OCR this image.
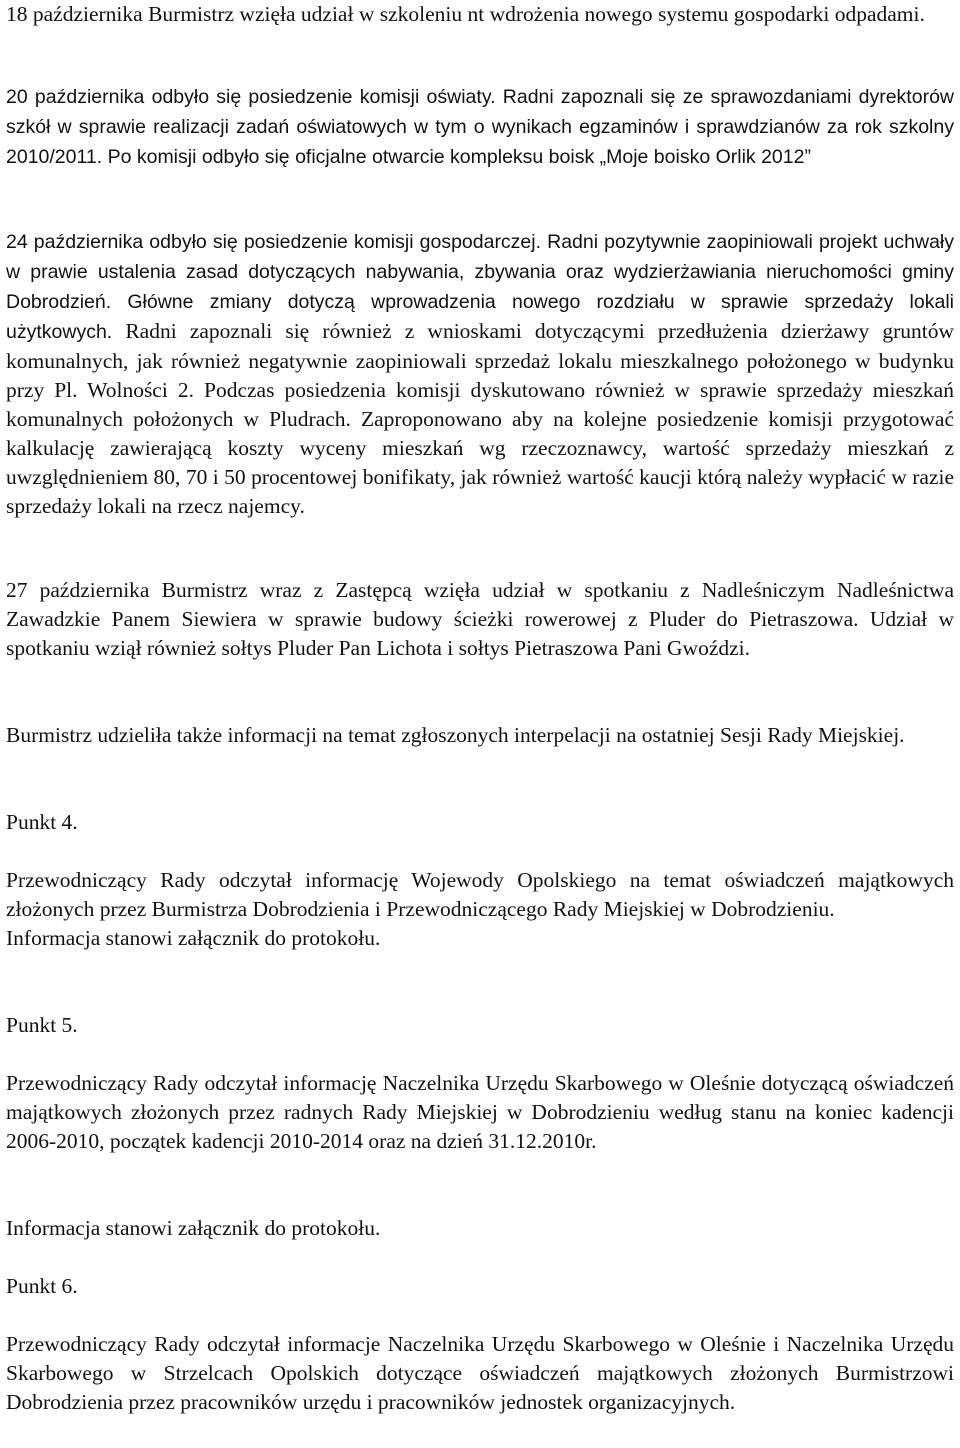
18 października Burmistrz wzięła udział w szkoleniu nt wdrożenia nowego systemu gospodarki odpadami.

20 października odbyło się posiedzenie komisji oświaty. Radni zapoznali się ze sprawozdaniami dyrektorów szkół w sprawie realizacji zadań oświatowych w tym o wynikach egzaminów i sprawdzianów za rok szkolny 2010/2011. Po komisji odbyło się oficjalne otwarcie kompleksu boisk „Moje boisko Orlik 2012”

24 października odbyło się posiedzenie komisji gospodarczej. Radni pozytywnie zaopiniowali projekt uchwały w prawie ustalenia zasad dotyczących nabywania, zbywania oraz wydzierżawiania nieruchomości gminy Dobrodzień. Główne zmiany dotyczą wprowadzenia nowego rozdziału w sprawie sprzedaży lokali użytkowych. Radni zapoznali się również z wnioskami dotyczącymi przedłużenia dzierżawy gruntów komunalnych, jak również negatywnie zaopiniowali sprzedaż lokalu mieszkalnego położonego w budynku przy Pl. Wolności 2. Podczas posiedzenia komisji dyskutowano również w sprawie sprzedaży mieszkań komunalnych położonych w Pludrach. Zaproponowano aby na kolejne posiedzenie komisji przygotować kalkulację zawierającą koszty wyceny mieszkań wg rzeczoznawcy, wartość sprzedaży mieszkań z uwzględnieniem 80, 70 i 50 procentowej bonifikaty, jak również wartość kaucji którą należy wypłacić w razie sprzedaży lokali na rzecz najemcy.

27 października Burmistrz wraz z Zastępcą wzięła udział w spotkaniu z Nadleśniczym Nadleśnictwa Zawadzkie Panem Siewiera w sprawie budowy ścieżki rowerowej z Pluder do Pietraszowa. Udział w spotkaniu wziął również sołtys Pluder Pan Lichota i sołtys Pietraszowa Pani Gwoździ.

Burmistrz udzieliła także informacji na temat zgłoszonych interpelacji na ostatniej Sesji Rady Miejskiej.

Punkt 4.

Przewodniczący Rady odczytał informację Wojewody Opolskiego na temat oświadczeń majątkowych złożonych przez Burmistrza Dobrodzienia i Przewodniczącego Rady Miejskiej w Dobrodzieniu.
Informacja stanowi załącznik do protokołu.

Punkt 5.

Przewodniczący Rady odczytał informację Naczelnika Urzędu Skarbowego w Oleśnie dotyczącą oświadczeń majątkowych złożonych przez radnych Rady Miejskiej w Dobrodzieniu według stanu na koniec kadencji 2006-2010, początek kadencji 2010-2014 oraz na dzień 31.12.2010r.

Informacja stanowi załącznik do protokołu.

Punkt 6.

Przewodniczący Rady odczytał informacje Naczelnika Urzędu Skarbowego w Oleśnie i Naczelnika Urzędu Skarbowego w Strzelcach Opolskich dotyczące oświadczeń majątkowych złożonych Burmistrzowi Dobrodzienia przez pracowników urzędu i pracowników jednostek organizacyjnych.
